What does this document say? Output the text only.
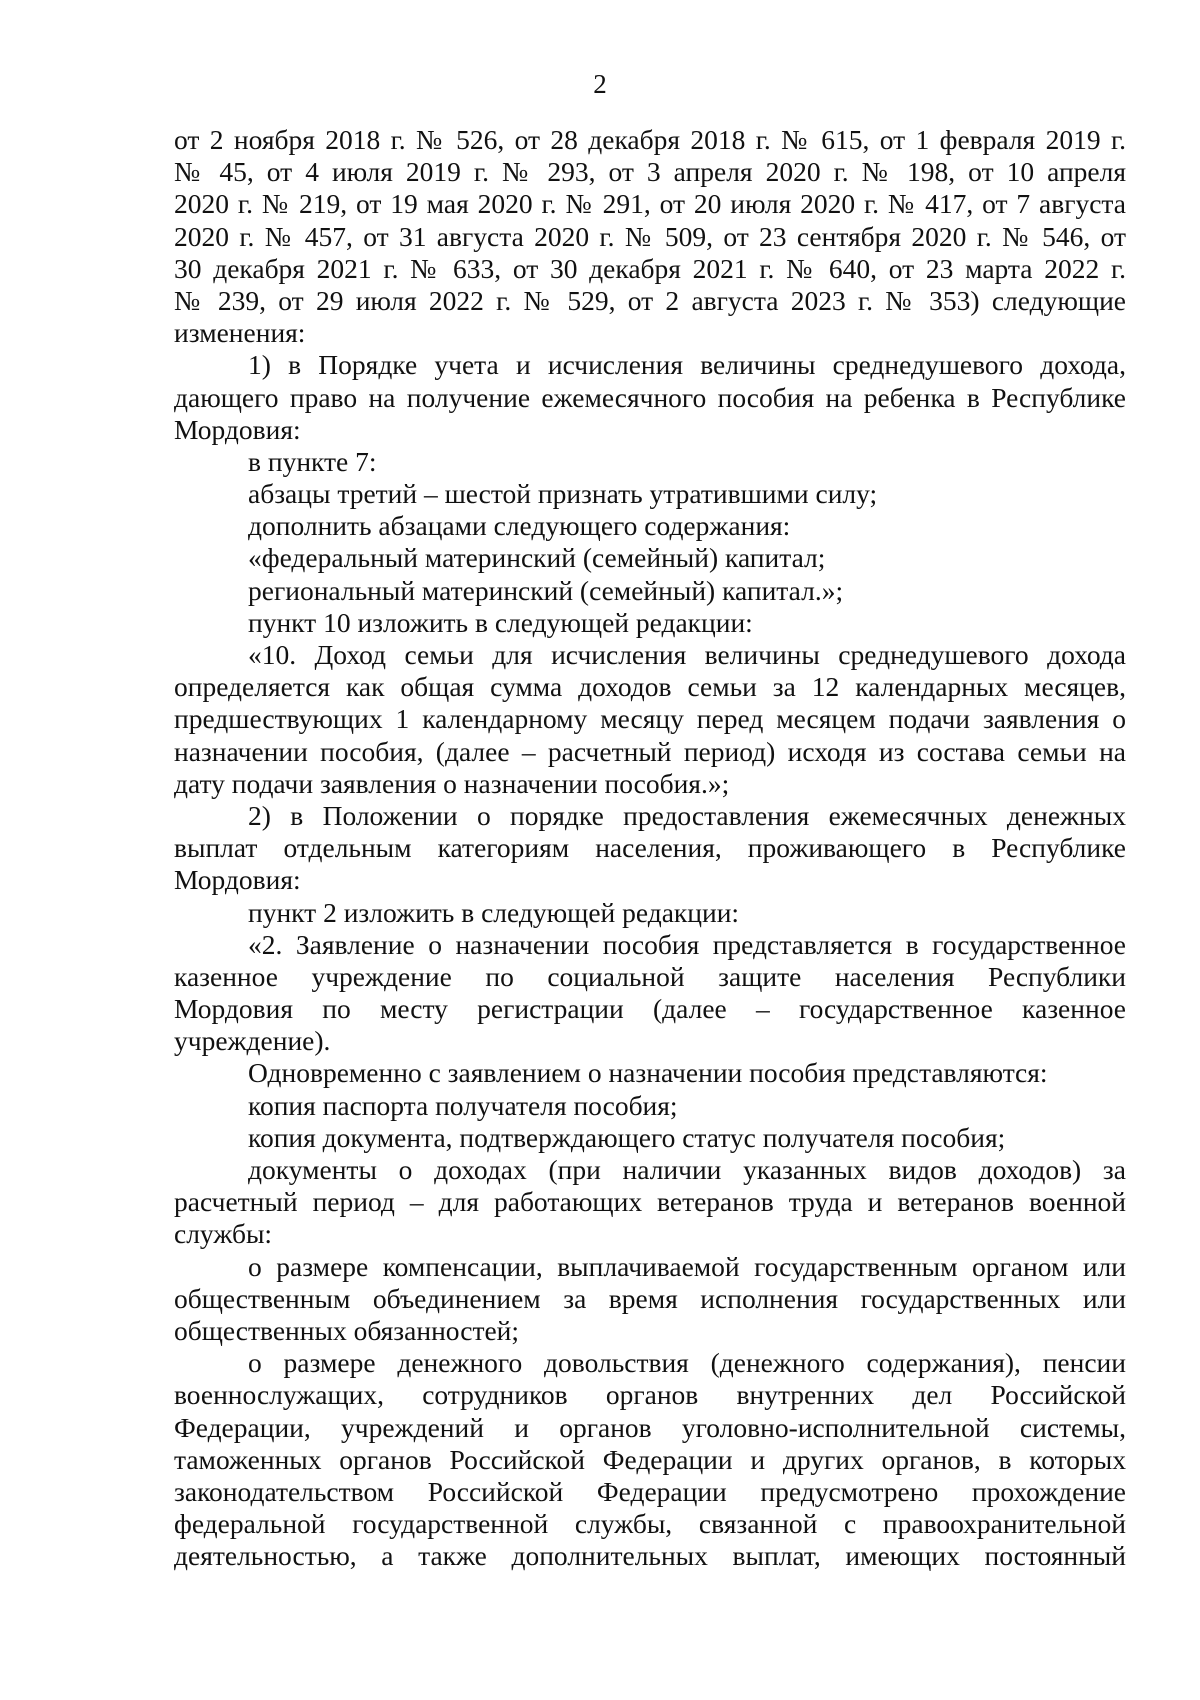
2
от 2 ноября 2018 г. № 526, от 28 декабря 2018 г. № 615, от 1 февраля 2019 г.
№ 45, от 4 июля 2019 г. № 293, от 3 апреля 2020 г. № 198, от 10 апреля
2020 г. № 219, от 19 мая 2020 г. № 291, от 20 июля 2020 г. № 417, от 7 августа
2020 г. № 457, от 31 августа 2020 г. № 509, от 23 сентября 2020 г. № 546, от
30 декабря 2021 г. № 633, от 30 декабря 2021 г. № 640, от 23 марта 2022 г.
№ 239, от 29 июля 2022 г. № 529, от 2 августа 2023 г. № 353) следующие
изменения:
1) в Порядке учета и исчисления величины среднедушевого дохода,
дающего право на получение ежемесячного пособия на ребенка в Республике
Мордовия:
в пункте 7:
абзацы третий – шестой признать утратившими силу;
дополнить абзацами следующего содержания:
«федеральный материнский (семейный) капитал;
региональный материнский (семейный) капитал.»;
пункт 10 изложить в следующей редакции:
«10. Доход семьи для исчисления величины среднедушевого дохода
определяется как общая сумма доходов семьи за 12 календарных месяцев,
предшествующих 1 календарному месяцу перед месяцем подачи заявления о
назначении пособия, (далее – расчетный период) исходя из состава семьи на
дату подачи заявления о назначении пособия.»;
2) в Положении о порядке предоставления ежемесячных денежных
выплат отдельным категориям населения, проживающего в Республике
Мордовия:
пункт 2 изложить в следующей редакции:
«2. Заявление о назначении пособия представляется в государственное
казенное учреждение по социальной защите населения Республики
Мордовия по месту регистрации (далее – государственное казенное
учреждение).
Одновременно с заявлением о назначении пособия представляются:
копия паспорта получателя пособия;
копия документа, подтверждающего статус получателя пособия;
документы о доходах (при наличии указанных видов доходов) за
расчетный период – для работающих ветеранов труда и ветеранов военной
службы:
о размере компенсации, выплачиваемой государственным органом или
общественным объединением за время исполнения государственных или
общественных обязанностей;
о размере денежного довольствия (денежного содержания), пенсии
военнослужащих, сотрудников органов внутренних дел Российской
Федерации, учреждений и органов уголовно-исполнительной системы,
таможенных органов Российской Федерации и других органов, в которых
законодательством Российской Федерации предусмотрено прохождение
федеральной государственной службы, связанной с правоохранительной
деятельностью, а также дополнительных выплат, имеющих постоянный
